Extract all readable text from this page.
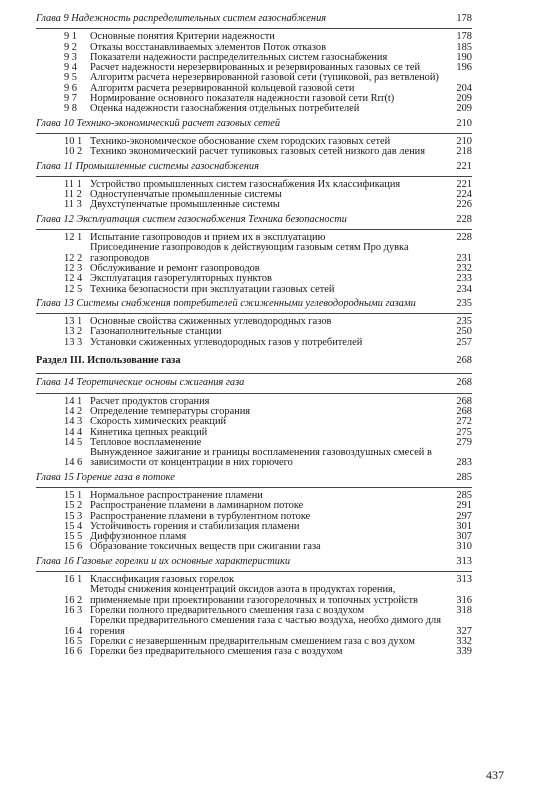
Глава 9 Надежность распределительных систем газоснабжения	178
9 1	Основные понятия Критерии надежности	178
9 2	Отказы восстанавливаемых элементов Поток отказов	185
9 3	Показатели надежности распределительных систем газоснабжения	190
9 4	Расчет надежности нерезервированных и резервированных газовых се тей	196
9 5	Алгоритм расчета нерезервированной газовой сети (тупиковой, раз ветвленой)
9 6	Алгоритм расчета резервированной кольцевой газовой сети	204
9 7	Нормирование основного показателя надежности газовой сети Rrr(t)	209
9 8	Оценка надежности газоснабжения отдельных потребителей	209
Глава 10 Технико-экономический расчет газовых сетей	210
10 1 Технико-экономическое обоснование схем городских газовых сетей	210
10 2 Технико экономический расчет тупиковых газовых сетей низкого дав ления	218
Глава 11 Промышленные системы газоснабжения	221
11 1 Устройство промышленных систем газоснабжения Их классификация	221
11 2 Одноступенчатые промышленные системы	224
11 3 Двухступенчатые промышленные системы	226
Глава 12 Эксплуатация систем газоснабжения Техника безопасности	228
12 1 Испытание газопроводов и прием их в эксплуатацию	228
12 2
Присоединение газопроводов к действующим газовым сетям Про дувка газопроводов	231
12 3 Обслуживание и ремонт газопроводов	232
12 4 Эксплуатация газорегуляторных пунктов	233
12 5 Техника безопасности при эксплуатации газовых сетей	234
Глава 13 Системы снабжения потребителей сжиженными углеводородными газами	235
13 1 Основные свойства сжиженных углеводородных газов	235
13 2 Газонаполнительные станции	250
13 3 Установки сжиженных углеводородных газов у потребителей	257
Раздел III. Использование газа	268
Глава 14 Теоретические основы сжигания газа	268
14 1 Расчет продуктов сгорания	268
14 2 Определение температуры сгорания	268
14 3 Скорость химических реакций	272
14 4 Кинетика цепных реакций	275
14 5 Тепловое воспламенение	279
14 6
Вынужденное зажигание и границы воспламенения газовоздушных смесей в зависимости от концентрации в них горючего	283
Глава 15 Горение газа в потоке	285
15 1 Нормальное распространение пламени	285
15 2 Распространение пламени в ламинарном потоке	291
15 3 Распространение пламени в турбулентном потоке	297
15 4 Устойчивость горения и стабилизация пламени	301
15 5 Диффузионное пламя	307
15 6 Образование токсичных веществ при сжигании газа	310
Глава 16 Газовые горелки и их основные характеристики	313
16 1 Классификация газовых горелок	313
16 2
Методы снижения концентраций оксидов азота в продуктах горения, применяемые при проектировании газогорелочных и топочных устройств	316
16 3 Горелки полного предварительного смешения газа с воздухом	318
16 4
Горелки предварительного смешения газа с частью воздуха, необхо димого для горения	327
16 5 Горелки с незавершенным предварительным смешением газа с воз духом	332
16 6 Горелки без предварительного смешения газа с воздухом	339
437
